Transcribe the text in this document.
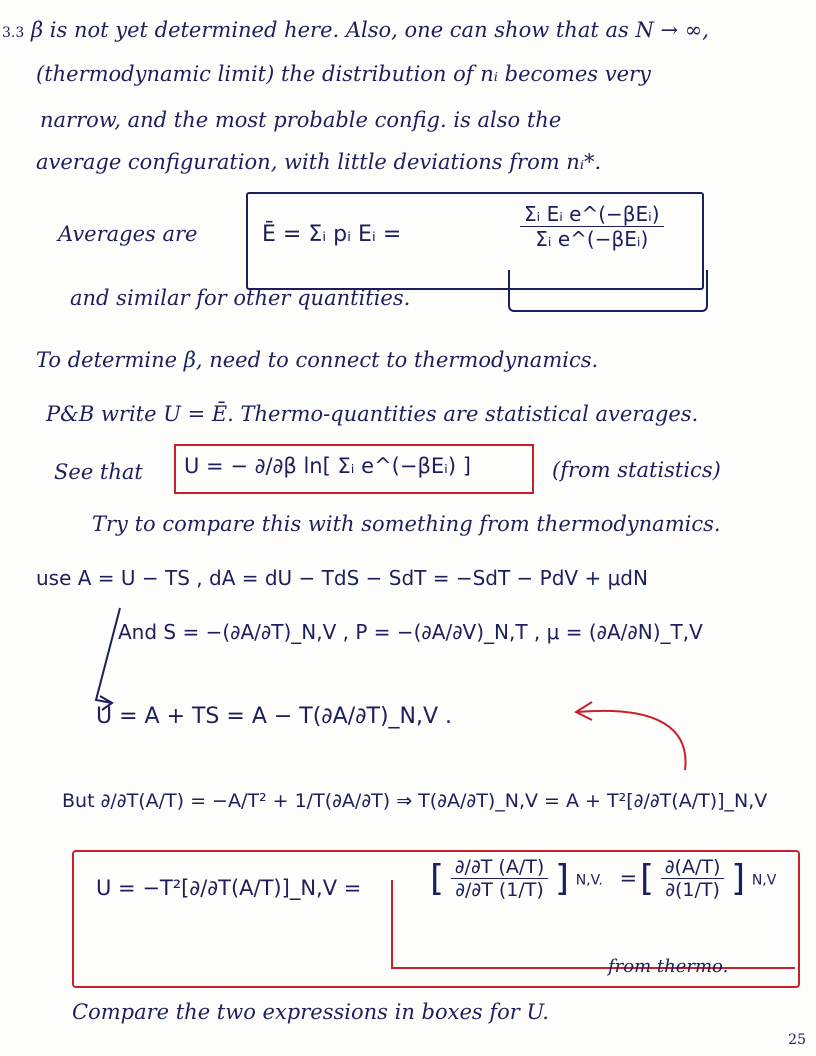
3.3 β is not yet determined here. Also, one can show that as N → ∞,
(thermodynamic limit) the distribution of nᵢ becomes very
narrow, and the most probable config. is also the
average configuration, with little deviations from nᵢ*.
Averages are	Ē = Σᵢ pᵢ Eᵢ =	$\frac{\text{Σᵢ Eᵢ e\textasciicircum{}(−βEᵢ)}}{\text{Σᵢ e\textasciicircum{}(−βEᵢ)}}$
and similar for other quantities.
To determine β, need to connect to thermodynamics.
P&B write U = Ē. Thermo-quantities are statistical averages.
See that U = − ∂/∂β ln[ Σᵢ e^(−βEᵢ) ]	(from statistics)
Try to compare this with something from thermodynamics.
use A = U − TS , dA = dU − TdS − SdT = −SdT − PdV + μdN
And S = −(∂A/∂T)_N,V , P = −(∂A/∂V)_N,T , μ = (∂A/∂N)_T,V
U = A + TS = A − T(∂A/∂T)_N,V .
But ∂/∂T(A/T) = −A/T² + 1/T(∂A/∂T) ⇒ T(∂A/∂T)_N,V = A + T²[∂/∂T(A/T)]_N,V
U = −T²[∂/∂T(A/T)]_N,V = [ $\frac{\partial/\partial T (A/T)}{\partial/\partial T (1/T)}$ ] N,V. = [ $\frac{\partial(A/T)}{\partial(1/T)}$ ] N,V
from thermo.
Compare the two expressions in boxes for U.
25
